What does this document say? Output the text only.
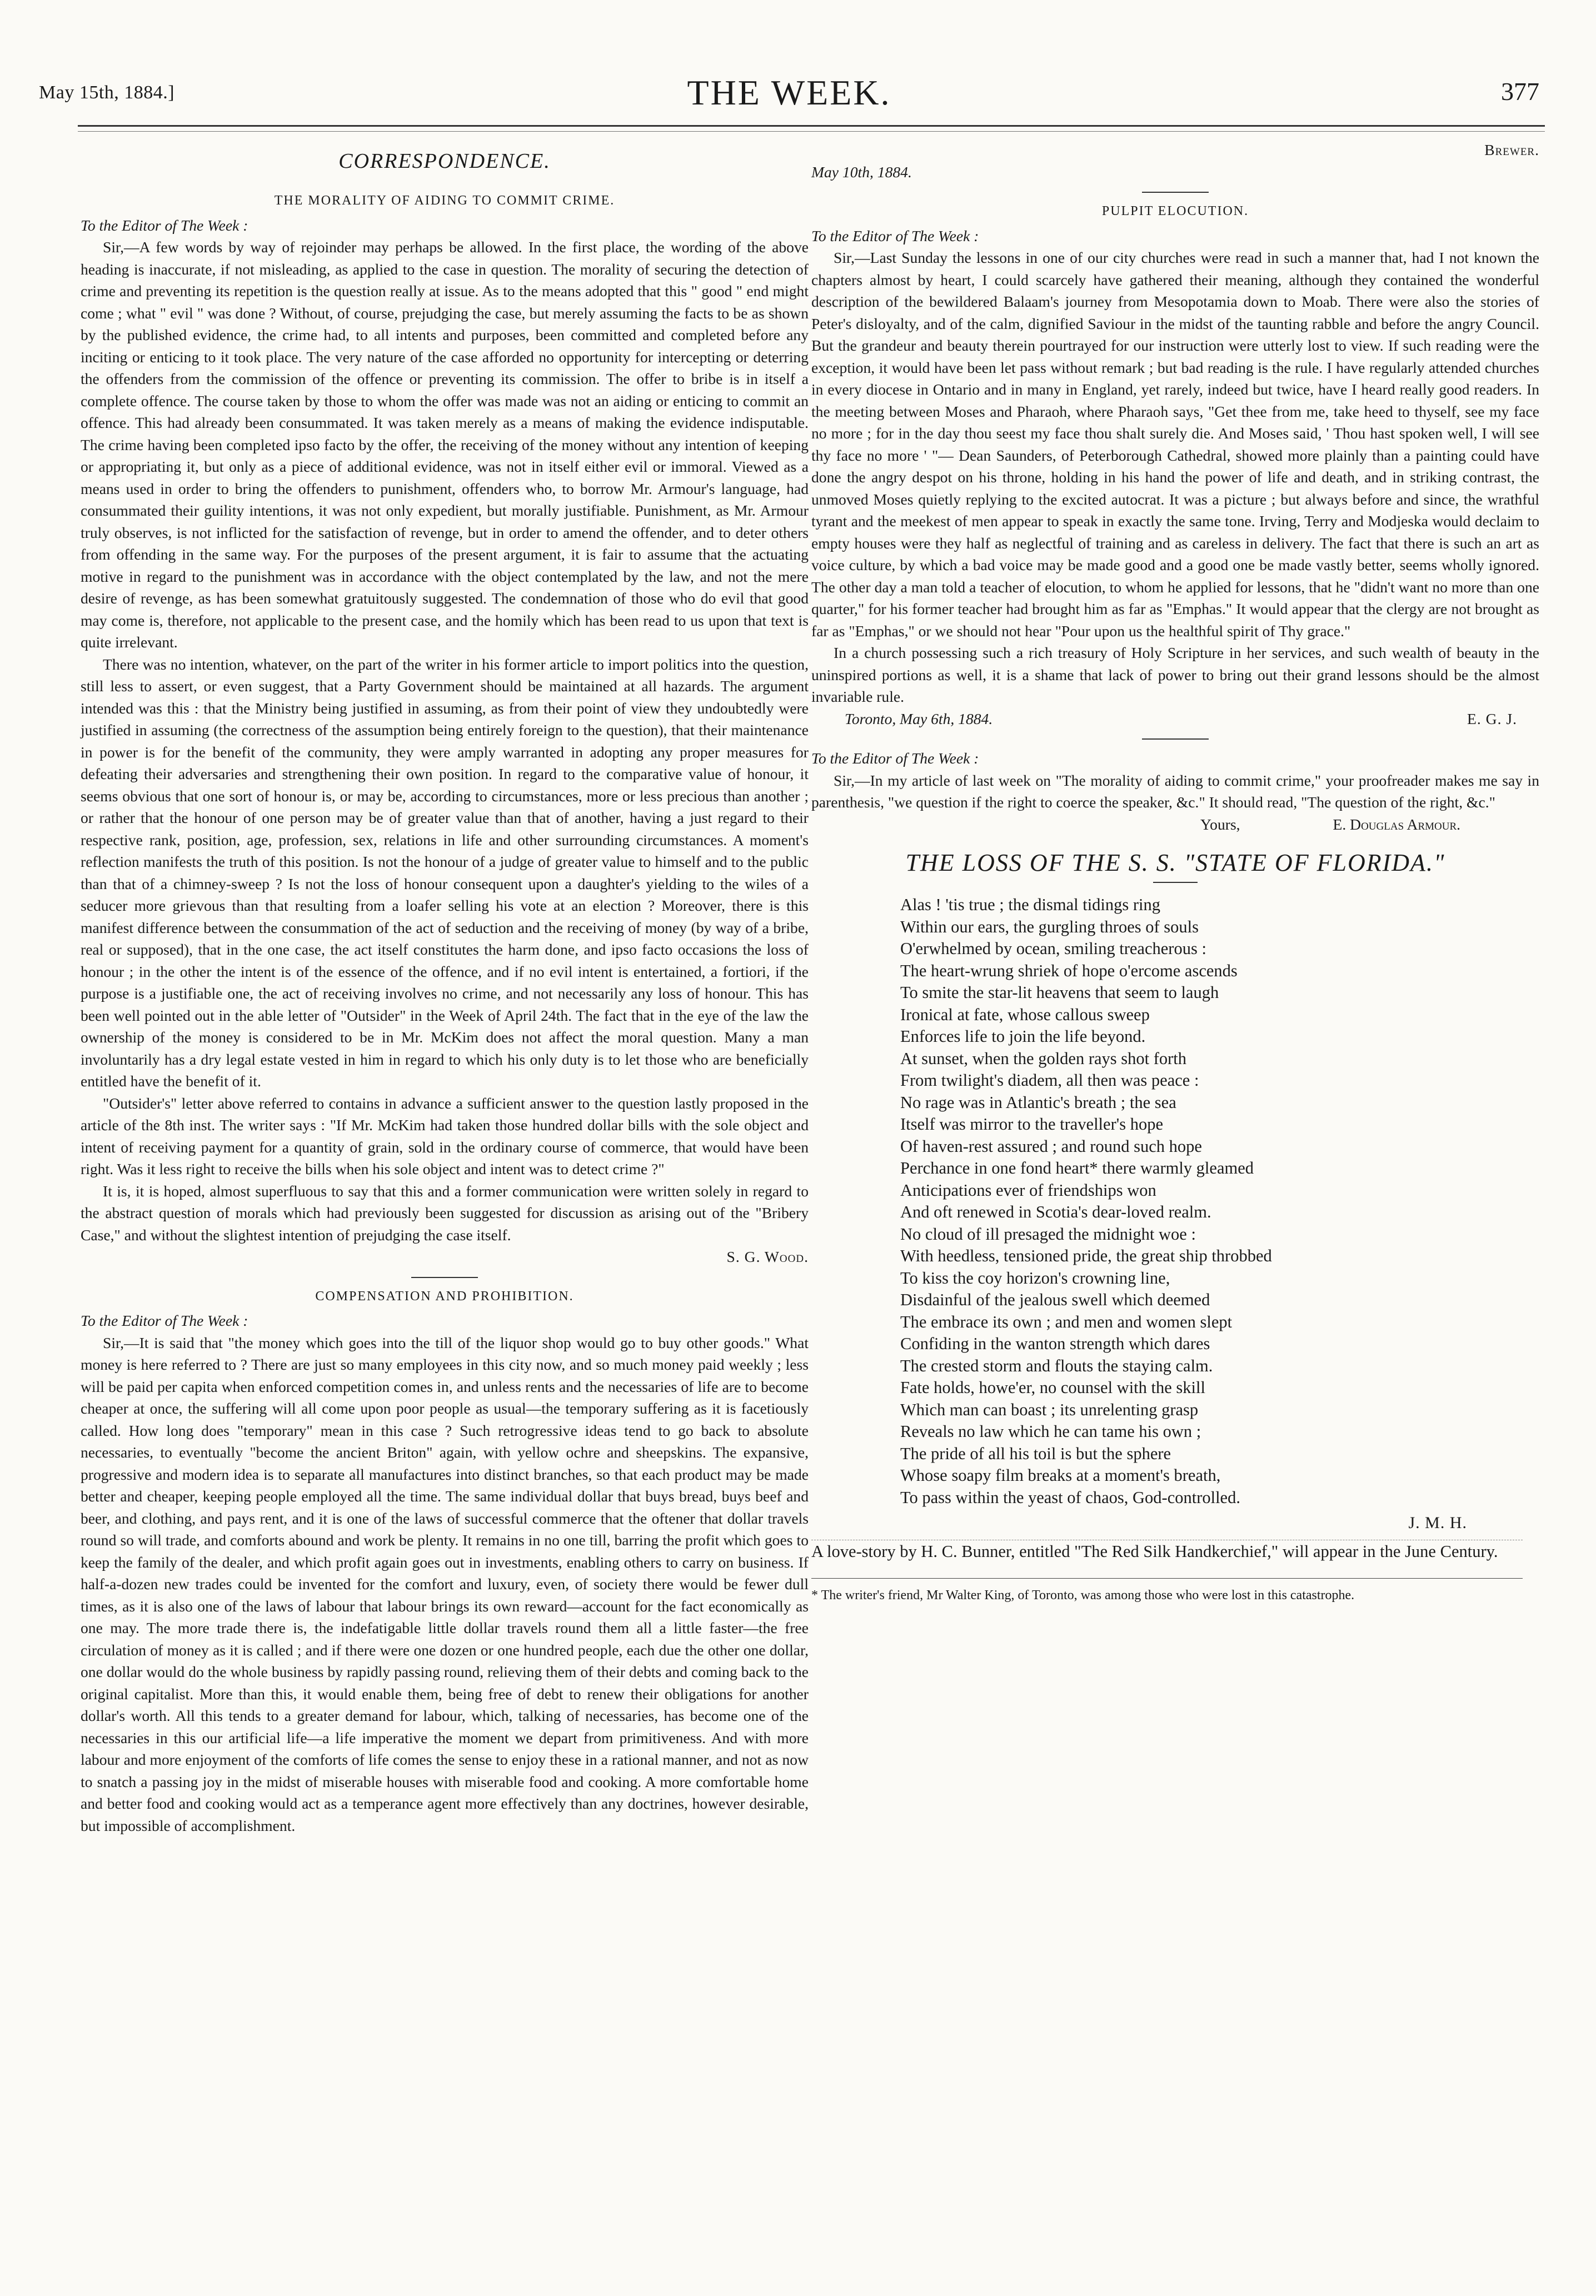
May 15th, 1884.]	THE WEEK.	377
CORRESPONDENCE.
THE MORALITY OF AIDING TO COMMIT CRIME.

To the Editor of The Week :

Sir,—A few words by way of rejoinder may perhaps be allowed. In the first place, the wording of the above heading is inaccurate, if not misleading, as applied to the case in question. The morality of securing the detection of crime and preventing its repetition is the question really at issue. As to the means adopted that this " good " end might come ; what " evil " was done ? Without, of course, prejudging the case, but merely assuming the facts to be as shown by the published evidence, the crime had, to all intents and purposes, been committed and completed before any inciting or enticing to it took place. The very nature of the case afforded no opportunity for intercepting or deterring the offenders from the commission of the offence or preventing its commission. The offer to bribe is in itself a complete offence. The course taken by those to whom the offer was made was not an aiding or enticing to commit an offence. This had already been consummated. It was taken merely as a means of making the evidence indisputable. The crime having been completed ipso facto by the offer, the receiving of the money without any intention of keeping or appropriating it, but only as a piece of additional evidence, was not in itself either evil or immoral. Viewed as a means used in order to bring the offenders to punishment, offenders who, to borrow Mr. Armour's language, had consummated their guility intentions, it was not only expedient, but morally justifiable. Punishment, as Mr. Armour truly observes, is not inflicted for the satisfaction of revenge, but in order to amend the offender, and to deter others from offending in the same way. For the purposes of the present argument, it is fair to assume that the actuating motive in regard to the punishment was in accordance with the object contemplated by the law, and not the mere desire of revenge, as has been somewhat gratuitously suggested. The condemnation of those who do evil that good may come is, therefore, not applicable to the present case, and the homily which has been read to us upon that text is quite irrelevant.

There was no intention, whatever, on the part of the writer in his former article to import politics into the question, still less to assert, or even suggest, that a Party Government should be maintained at all hazards. The argument intended was this : that the Ministry being justified in assuming, as from their point of view they undoubtedly were justified in assuming (the correctness of the assumption being entirely foreign to the question), that their maintenance in power is for the benefit of the community, they were amply warranted in adopting any proper measures for defeating their adversaries and strengthening their own position. In regard to the comparative value of honour, it seems obvious that one sort of honour is, or may be, according to circumstances, more or less precious than another ; or rather that the honour of one person may be of greater value than that of another, having a just regard to their respective rank, position, age, profession, sex, relations in life and other surrounding circumstances. A moment's reflection manifests the truth of this position. Is not the honour of a judge of greater value to himself and to the public than that of a chimney-sweep ? Is not the loss of honour consequent upon a daughter's yielding to the wiles of a seducer more grievous than that resulting from a loafer selling his vote at an election ? Moreover, there is this manifest difference between the consummation of the act of seduction and the receiving of money (by way of a bribe, real or supposed), that in the one case, the act itself constitutes the harm done, and ipso facto occasions the loss of honour ; in the other the intent is of the essence of the offence, and if no evil intent is entertained, a fortiori, if the purpose is a justifiable one, the act of receiving involves no crime, and not necessarily any loss of honour. This has been well pointed out in the able letter of "Outsider" in the Week of April 24th. The fact that in the eye of the law the ownership of the money is considered to be in Mr. McKim does not affect the moral question. Many a man involuntarily has a dry legal estate vested in him in regard to which his only duty is to let those who are beneficially entitled have the benefit of it.

"Outsider's" letter above referred to contains in advance a sufficient answer to the question lastly proposed in the article of the 8th inst. The writer says : "If Mr. McKim had taken those hundred dollar bills with the sole object and intent of receiving payment for a quantity of grain, sold in the ordinary course of commerce, that would have been right. Was it less right to receive the bills when his sole object and intent was to detect crime ?"

It is, it is hoped, almost superfluous to say that this and a former communication were written solely in regard to the abstract question of morals which had previously been suggested for discussion as arising out of the "Bribery Case," and without the slightest intention of prejudging the case itself.

S. G. Wood.

COMPENSATION AND PROHIBITION.

To the Editor of The Week :

Sir,—It is said that "the money which goes into the till of the liquor shop would go to buy other goods." What money is here referred to ? There are just so many employees in this city now, and so much money paid weekly ; less will be paid per capita when enforced competition comes in, and unless rents and the necessaries of life are to become cheaper at once, the suffering will all come upon poor people as usual—the temporary suffering as it is facetiously called. How long does "temporary" mean in this case ? Such retrogressive ideas tend to go back to absolute necessaries, to eventually "become the ancient Briton" again, with yellow ochre and sheepskins. The expansive, progressive and modern idea is to separate all manufactures into distinct branches, so that each product may be made better and cheaper, keeping people employed all the time. The same individual dollar that buys bread, buys beef and beer, and clothing, and pays rent, and it is one of the laws of successful commerce that the oftener that dollar travels round so will trade, and comforts abound and work be plenty. It remains in no one till, barring the profit which goes to keep the family of the dealer, and which profit again goes out in investments, enabling others to carry on business. If half-a-dozen new trades could be invented for the comfort and luxury, even, of society there would be fewer dull times, as it is also one of the laws of labour that labour brings its own reward—account for the fact economically as one may. The more trade there is, the indefatigable little dollar travels round them all a little faster—the free circulation of money as it is called ; and if there were one dozen or one hundred people, each due the other one dollar, one dollar would do the whole business by rapidly passing round, relieving them of their debts and coming back to the original capitalist. More than this, it would enable them, being free of debt to renew their obligations for another dollar's worth. All this tends to a greater demand for labour, which, talking of necessaries, has become one of the necessaries in this our artificial life—a life imperative the moment we depart from primitiveness. And with more labour and more enjoyment of the comforts of life comes the sense to enjoy these in a rational manner, and not as now to snatch a passing joy in the midst of miserable houses with miserable food and cooking. A more comfortable home and better food and cooking would act as a temperance agent more effectively than any doctrines, however desirable, but impossible of accomplishment.

Brewer.

May 10th, 1884.

PULPIT ELOCUTION.

To the Editor of The Week :

Sir,—Last Sunday the lessons in one of our city churches were read in such a manner that, had I not known the chapters almost by heart, I could scarcely have gathered their meaning, although they contained the wonderful description of the bewildered Balaam's journey from Mesopotamia down to Moab. There were also the stories of Peter's disloyalty, and of the calm, dignified Saviour in the midst of the taunting rabble and before the angry Council. But the grandeur and beauty therein pourtrayed for our instruction were utterly lost to view. If such reading were the exception, it would have been let pass without remark ; but bad reading is the rule. I have regularly attended churches in every diocese in Ontario and in many in England, yet rarely, indeed but twice, have I heard really good readers. In the meeting between Moses and Pharaoh, where Pharaoh says, "Get thee from me, take heed to thyself, see my face no more ; for in the day thou seest my face thou shalt surely die. And Moses said, ' Thou hast spoken well, I will see thy face no more ' "— Dean Saunders, of Peterborough Cathedral, showed more plainly than a painting could have done the angry despot on his throne, holding in his hand the power of life and death, and in striking contrast, the unmoved Moses quietly replying to the excited autocrat. It was a picture ; but always before and since, the wrathful tyrant and the meekest of men appear to speak in exactly the same tone. Irving, Terry and Modjeska would declaim to empty houses were they half as neglectful of training and as careless in delivery. The fact that there is such an art as voice culture, by which a bad voice may be made good and a good one be made vastly better, seems wholly ignored. The other day a man told a teacher of elocution, to whom he applied for lessons, that he "didn't want no more than one quarter," for his former teacher had brought him as far as "Emphas." It would appear that the clergy are not brought as far as "Emphas," or we should not hear "Pour upon us the healthful spirit of Thy grace."

In a church possessing such a rich treasury of Holy Scripture in her services, and such wealth of beauty in the uninspired portions as well, it is a shame that lack of power to bring out their grand lessons should be the almost invariable rule.

Toronto, May 6th, 1884.	E. G. J.

To the Editor of The Week :

Sir,—In my article of last week on "The morality of aiding to commit crime," your proofreader makes me say in parenthesis, "we question if the right to coerce the speaker, &c." It should read, "The question of the right, &c."

Yours,	E. Douglas Armour.

THE LOSS OF THE S. S. "STATE OF FLORIDA."
Alas ! 'tis true ; the dismal tidings ring
Within our ears, the gurgling throes of souls
O'erwhelmed by ocean, smiling treacherous :
The heart-wrung shriek of hope o'ercome ascends
To smite the star-lit heavens that seem to laugh
Ironical at fate, whose callous sweep
Enforces life to join the life beyond.
At sunset, when the golden rays shot forth
From twilight's diadem, all then was peace :
No rage was in Atlantic's breath ; the sea
Itself was mirror to the traveller's hope
Of haven-rest assured ; and round such hope
Perchance in one fond heart* there warmly gleamed
Anticipations ever of friendships won
And oft renewed in Scotia's dear-loved realm.
No cloud of ill presaged the midnight woe :
With heedless, tensioned pride, the great ship throbbed
To kiss the coy horizon's crowning line,
Disdainful of the jealous swell which deemed
The embrace its own ; and men and women slept
Confiding in the wanton strength which dares
The crested storm and flouts the staying calm.
Fate holds, howe'er, no counsel with the skill
Which man can boast ; its unrelenting grasp
Reveals no law which he can tame his own ;
The pride of all his toil is but the sphere
Whose soapy film breaks at a moment's breath,
To pass within the yeast of chaos, God-controlled.
J. M. H.

A love-story by H. C. Bunner, entitled "The Red Silk Handkerchief," will appear in the June Century.

* The writer's friend, Mr Walter King, of Toronto, was among those who were lost in this catastrophe.
